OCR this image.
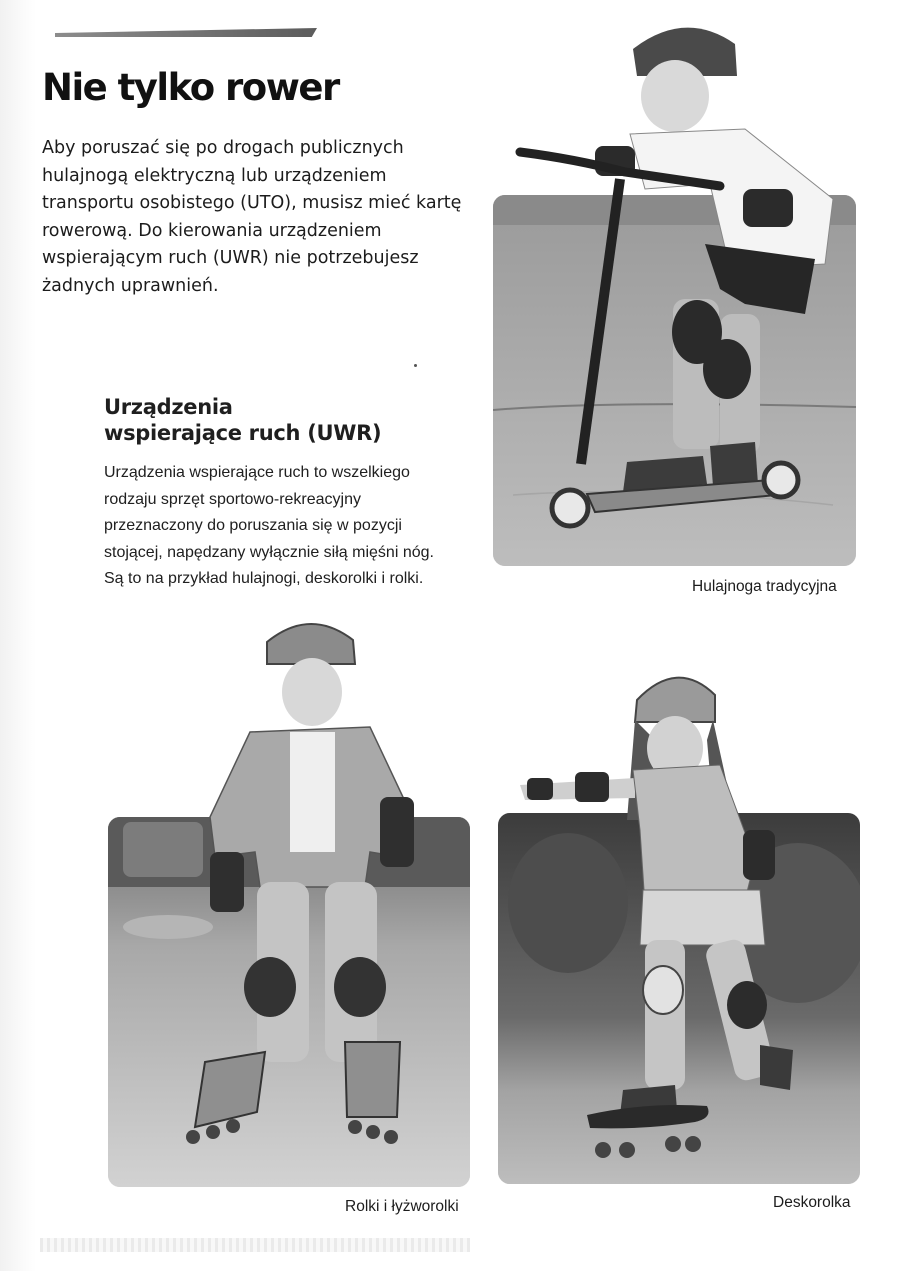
Nie tylko rower

Aby poruszać się po drogach publicznych hulajnogą elektryczną lub urządzeniem transportu osobistego (UTO), musisz mieć kartę rowerową. Do kierowania urządzeniem wspierającym ruch (UWR) nie potrzebujesz żadnych uprawnień.

Urządzenia
wspierające ruch (UWR)

Urządzenia wspierające ruch to wszelkiego rodzaju sprzęt sportowo-rekreacyjny przeznaczony do poruszania się w pozycji stojącej, napędzany wyłącznie siłą mięśni nóg. Są to na przykład hulajnogi, deskorolki i rolki.	Hulajnoga tradycyjna
Rolki i łyżworolki	Deskorolka
